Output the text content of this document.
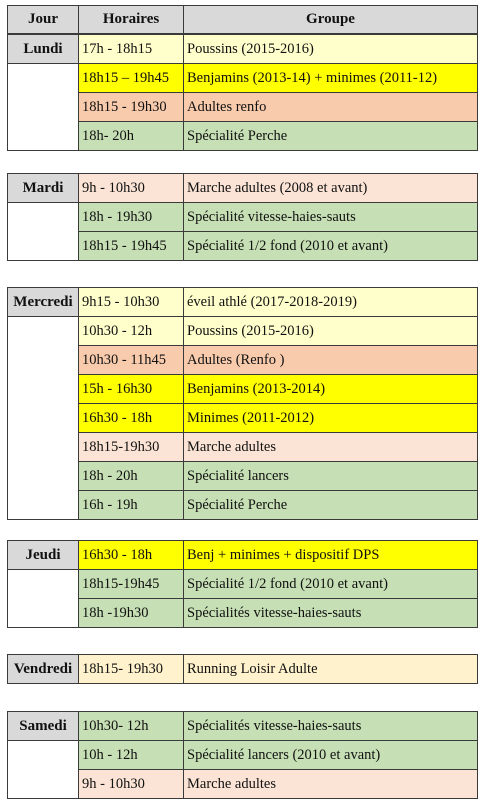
Jour	Horaires	Groupe
Lundi	17h - 18h15	Poussins (2015-2016)
18h15 – 19h45	Benjamins (2013-14) + minimes (2011-12)
18h15 - 19h30	Adultes renfo
18h- 20h	Spécialité Perche
Mardi	9h - 10h30	Marche adultes (2008 et avant)
18h - 19h30	Spécialité vitesse-haies-sauts
18h15 - 19h45	Spécialité 1/2 fond (2010 et avant)
Mercredi 9h15 - 10h30	éveil athlé (2017-2018-2019)
10h30 - 12h	Poussins (2015-2016)
10h30 - 11h45	Adultes (Renfo )
15h - 16h30	Benjamins (2013-2014)
16h30 - 18h	Minimes (2011-2012)
18h15-19h30	Marche adultes
18h - 20h	Spécialité lancers
16h - 19h	Spécialité Perche
Jeudi	16h30 - 18h	Benj + minimes + dispositif DPS
18h15-19h45	Spécialité 1/2 fond (2010 et avant)
18h -19h30	Spécialités vitesse-haies-sauts
Vendredi 18h15- 19h30	Running Loisir Adulte
Samedi	10h30- 12h	Spécialités vitesse-haies-sauts
10h - 12h	Spécialité lancers (2010 et avant)
9h - 10h30	Marche adultes
